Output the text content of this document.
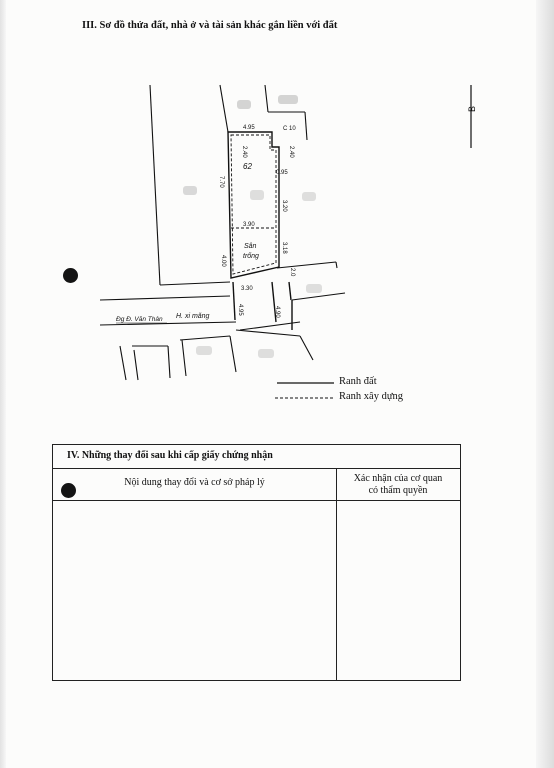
III. Sơ đồ thửa đất, nhà ở và tài sản khác gắn liền với đất
B
4.95	C 10
2.40
2.40
0.95
3.20
7.70
3.90
3.18
4.00
3.30
2.0
4.95	4.90
62
Sân
trống
Đg Đ. Văn Thân H. xi măng
Ranh đất
Ranh xây dựng
IV. Những thay đổi sau khi cấp giấy chứng nhận
Nội dung thay đổi và cơ sở pháp lý	Xác nhận của cơ quan
có thẩm quyền
